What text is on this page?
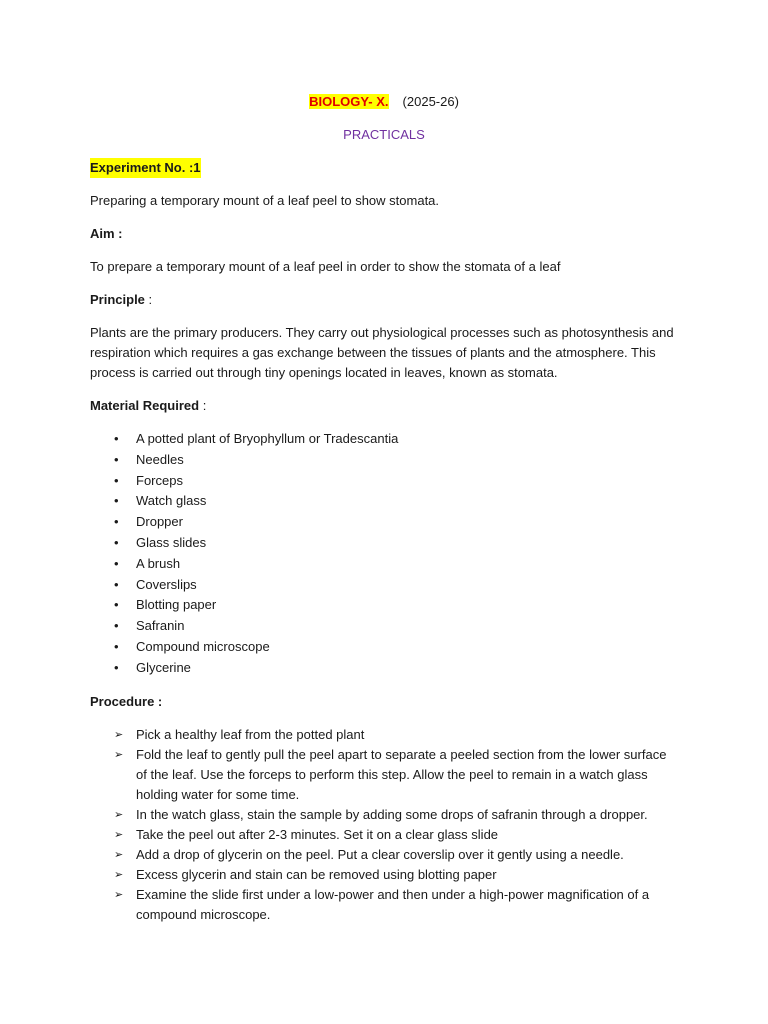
BIOLOGY- X. (2025-26)
PRACTICALS
Experiment No. :1

Preparing a temporary mount of a leaf peel to show stomata.

Aim :

To prepare a temporary mount of a leaf peel in order to show the stomata of a leaf

Principle :

Plants are the primary producers. They carry out physiological processes such as photosynthesis and respiration which requires a gas exchange between the tissues of plants and the atmosphere. This process is carried out through tiny openings located in leaves, known as stomata.

Material Required :

• A potted plant of Bryophyllum or Tradescantia
• Needles
• Forceps
• Watch glass
• Dropper
• Glass slides
• A brush
• Coverslips
• Blotting paper
• Safranin
• Compound microscope
• Glycerine

Procedure :

➢ Pick a healthy leaf from the potted plant
➢ Fold the leaf to gently pull the peel apart to separate a peeled section from the lower surface of the leaf. Use the forceps to perform this step. Allow the peel to remain in a watch glass holding water for some time.
➢ In the watch glass, stain the sample by adding some drops of safranin through a dropper.
➢ Take the peel out after 2-3 minutes. Set it on a clear glass slide
➢ Add a drop of glycerin on the peel. Put a clear coverslip over it gently using a needle.
➢ Excess glycerin and stain can be removed using blotting paper
➢ Examine the slide first under a low-power and then under a high-power magnification of a compound microscope.
